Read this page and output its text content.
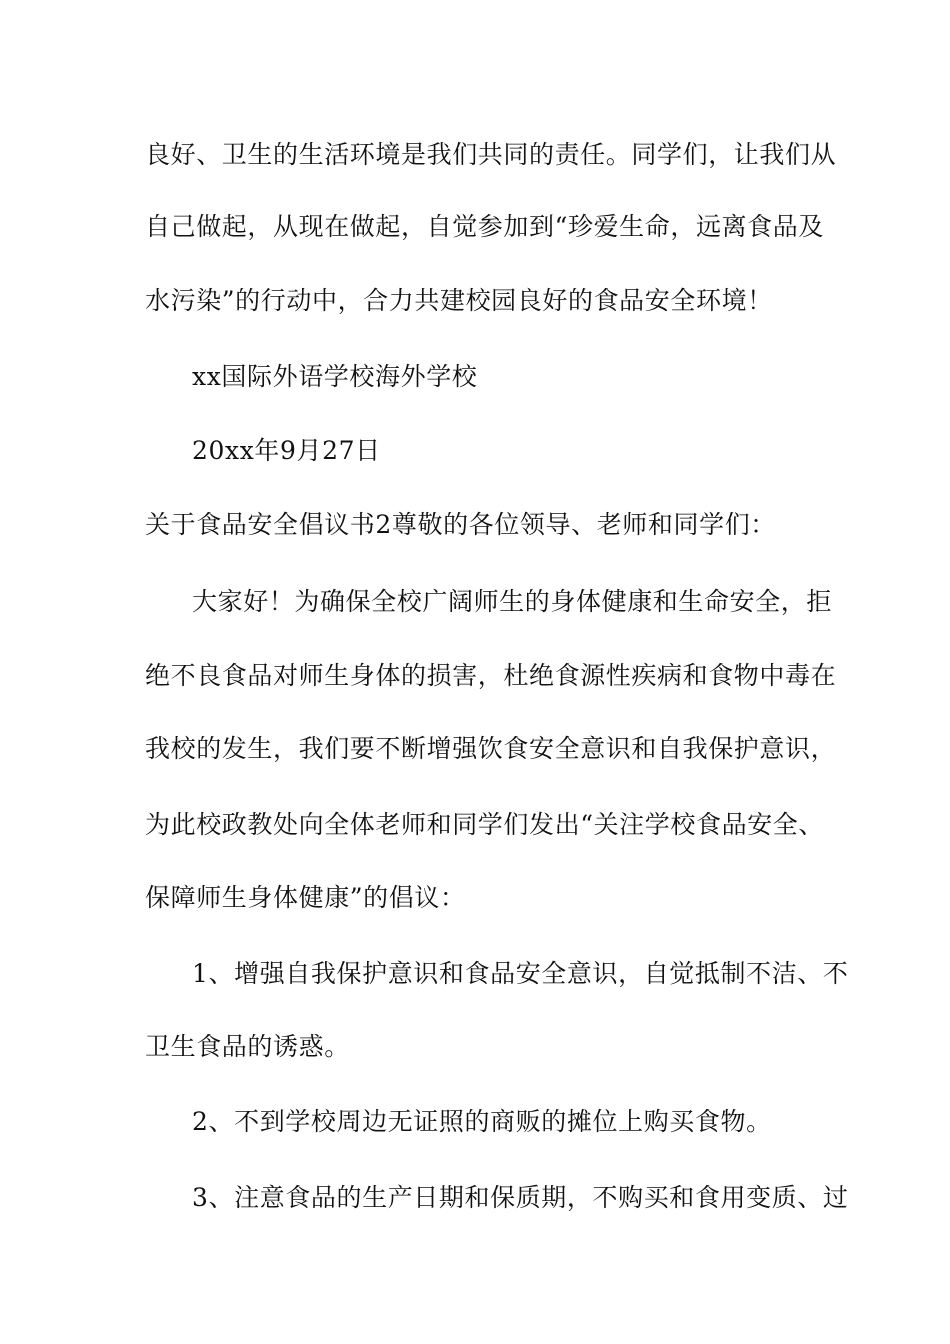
良好、卫生的生活环境是我们共同的责任。同学们，让我们从
自己做起，从现在做起，自觉参加到“珍爱生命，远离食品及
水污染”的行动中，合力共建校园良好的食品安全环境！
xx国际外语学校海外学校
20xx年9月27日
关于食品安全倡议书2尊敬的各位领导、老师和同学们：
大家好！为确保全校广阔师生的身体健康和生命安全，拒
绝不良食品对师生身体的损害，杜绝食源性疾病和食物中毒在
我校的发生，我们要不断增强饮食安全意识和自我保护意识，
为此校政教处向全体老师和同学们发出“关注学校食品安全、
保障师生身体健康”的倡议：
1、增强自我保护意识和食品安全意识，自觉抵制不洁、不
卫生食品的诱惑。
2、不到学校周边无证照的商贩的摊位上购买食物。
3、注意食品的生产日期和保质期，不购买和食用变质、过
